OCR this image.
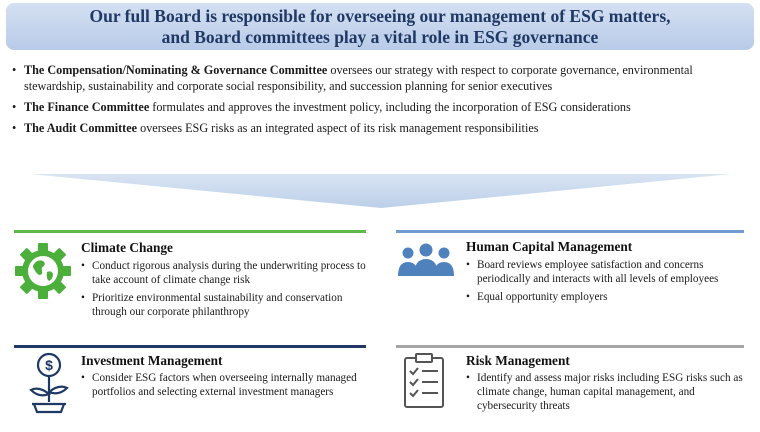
Our full Board is responsible for overseeing our management of ESG matters,
and Board committees play a vital role in ESG governance
• The Compensation/Nominating & Governance Committee oversees our strategy with respect to corporate governance, environmental stewardship, sustainability and corporate social responsibility, and succession planning for senior executives
• The Finance Committee formulates and approves the investment policy, including the incorporation of ESG considerations
• The Audit Committee oversees ESG risks as an integrated aspect of its risk management responsibilities
Climate Change
• Conduct rigorous analysis during the underwriting process to take account of climate change risk
• Prioritize environmental sustainability and conservation through our corporate philanthropy
Human Capital Management
• Board reviews employee satisfaction and concerns periodically and interacts with all levels of employees
• Equal opportunity employers
$ Investment Management
• Consider ESG factors when overseeing internally managed portfolios and selecting external investment managers
Risk Management
• Identify and assess major risks including ESG risks such as climate change, human capital management, and cybersecurity threats
